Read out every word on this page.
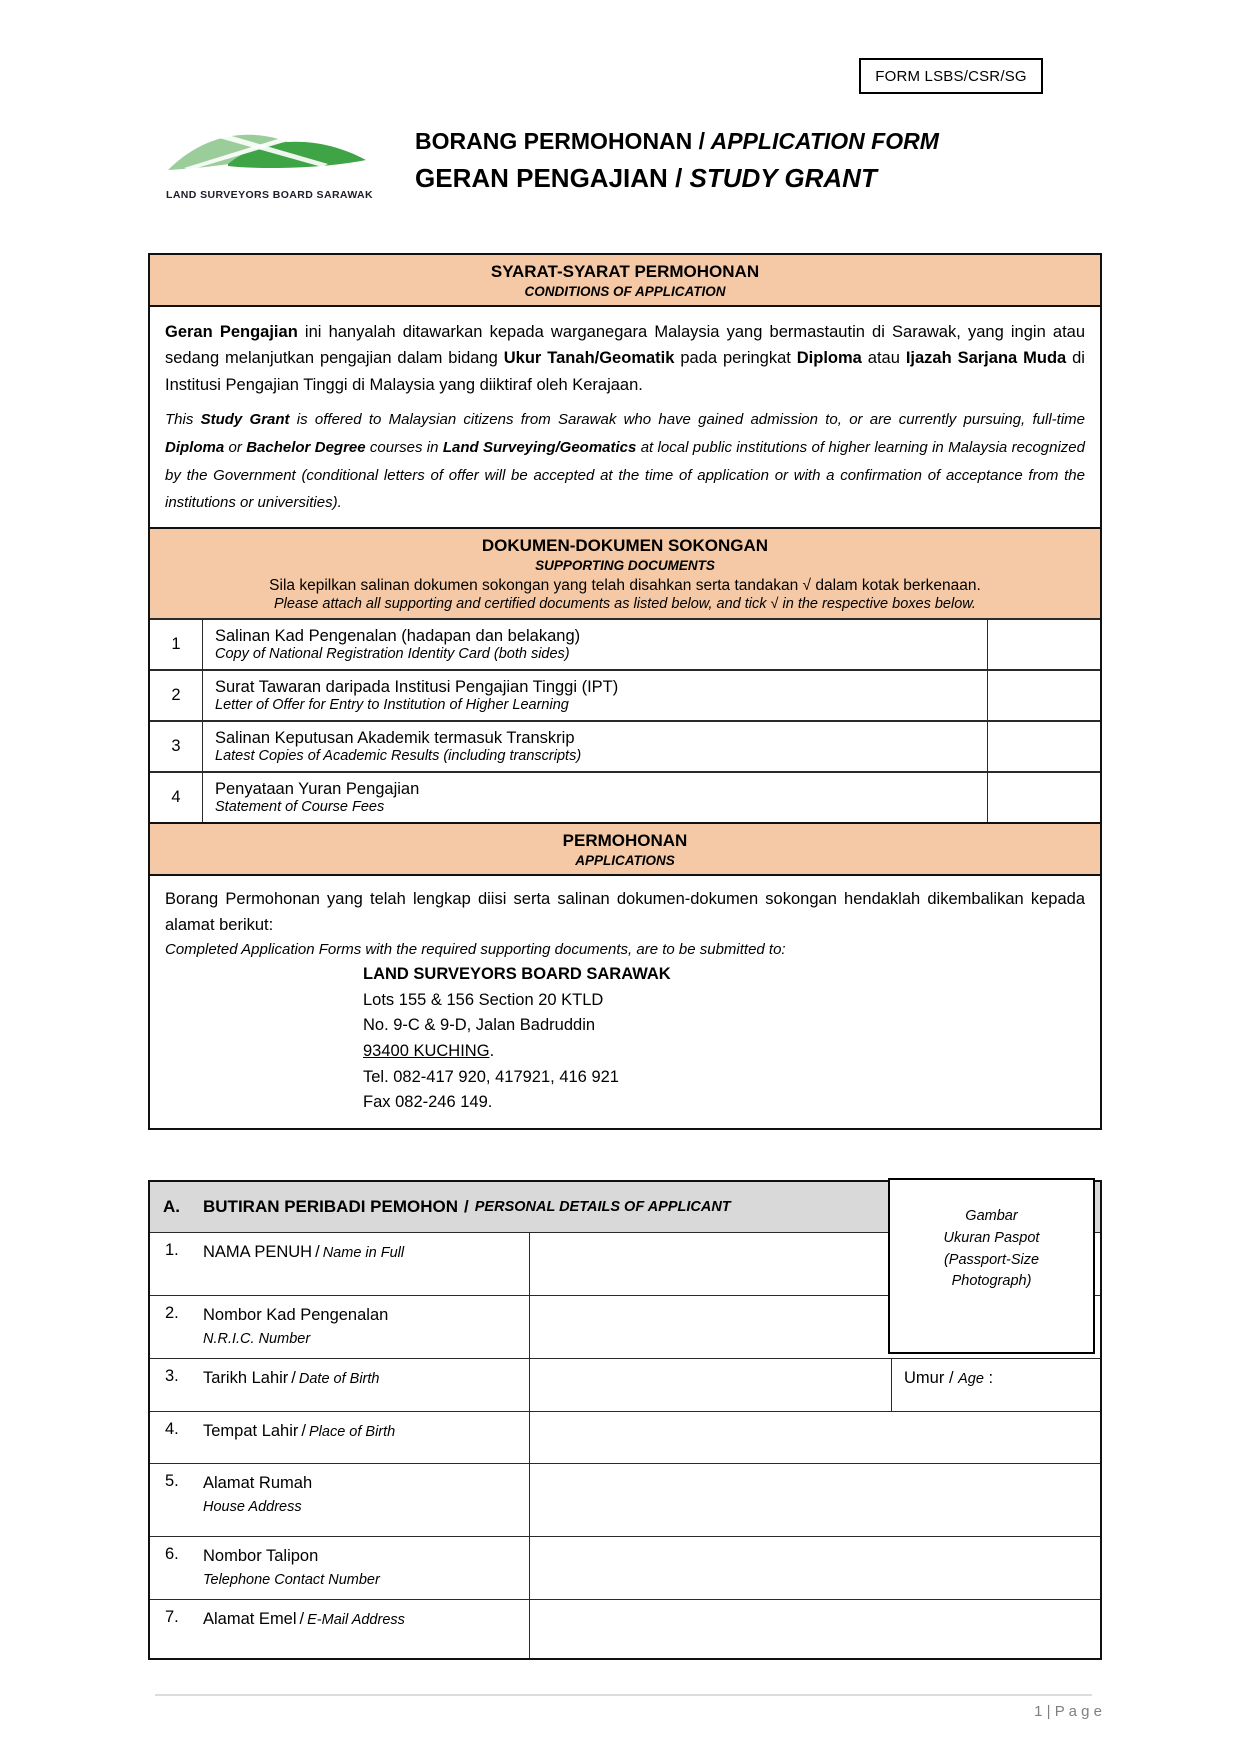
FORM LSBS/CSR/SG
LAND SURVEYORS BOARD SARAWAK
BORANG PERMOHONAN / APPLICATION FORM
GERAN PENGAJIAN / STUDY GRANT
SYARAT-SYARAT PERMOHONAN
CONDITIONS OF APPLICATION

Geran Pengajian ini hanyalah ditawarkan kepada warganegara Malaysia yang bermastautin di Sarawak, yang ingin atau sedang melanjutkan pengajian dalam bidang Ukur Tanah/Geomatik pada peringkat Diploma atau Ijazah Sarjana Muda di Institusi Pengajian Tinggi di Malaysia yang diiktiraf oleh Kerajaan.

This Study Grant is offered to Malaysian citizens from Sarawak who have gained admission to, or are currently pursuing, full-time Diploma or Bachelor Degree courses in Land Surveying/Geomatics at local public institutions of higher learning in Malaysia recognized by the Government (conditional letters of offer will be accepted at the time of application or with a confirmation of acceptance from the institutions or universities).

DOKUMEN-DOKUMEN SOKONGAN
SUPPORTING DOCUMENTS
Sila kepilkan salinan dokumen sokongan yang telah disahkan serta tandakan √ dalam kotak berkenaan.
Please attach all supporting and certified documents as listed below, and tick √ in the respective boxes below.
1	Salinan Kad Pengenalan (hadapan dan belakang)
Copy of National Registration Identity Card (both sides)
2	Surat Tawaran daripada Institusi Pengajian Tinggi (IPT)
Letter of Offer for Entry to Institution of Higher Learning
3	Salinan Keputusan Akademik termasuk Transkrip
Latest Copies of Academic Results (including transcripts)
4	Penyataan Yuran Pengajian
Statement of Course Fees
PERMOHONAN
APPLICATIONS

Borang Permohonan yang telah lengkap diisi serta salinan dokumen-dokumen sokongan hendaklah dikembalikan kepada alamat berikut:

Completed Application Forms with the required supporting documents, are to be submitted to:

LAND SURVEYORS BOARD SARAWAK
Lots 155 & 156 Section 20 KTLD
No. 9-C & 9-D, Jalan Badruddin
93400 KUCHING.
Tel. 082-417 920, 417921, 416 921
Fax 082-246 149.
A.	BUTIRAN PERIBADI PEMOHON / PERSONAL DETAILS OF APPLICANT
1.	NAMA PENUH / Name in Full
2.	Nombor Kad Pengenalan
N.R.I.C. Number
3.	Tarikh Lahir / Date of Birth	Umur / Age :
4.	Tempat Lahir / Place of Birth
5.	Alamat Rumah
House Address
6.	Nombor Talipon
Telephone Contact Number
7.	Alamat Emel / E-Mail Address
Gambar
Ukuran Paspot
(Passport-Size
Photograph)
1 | P a g e
